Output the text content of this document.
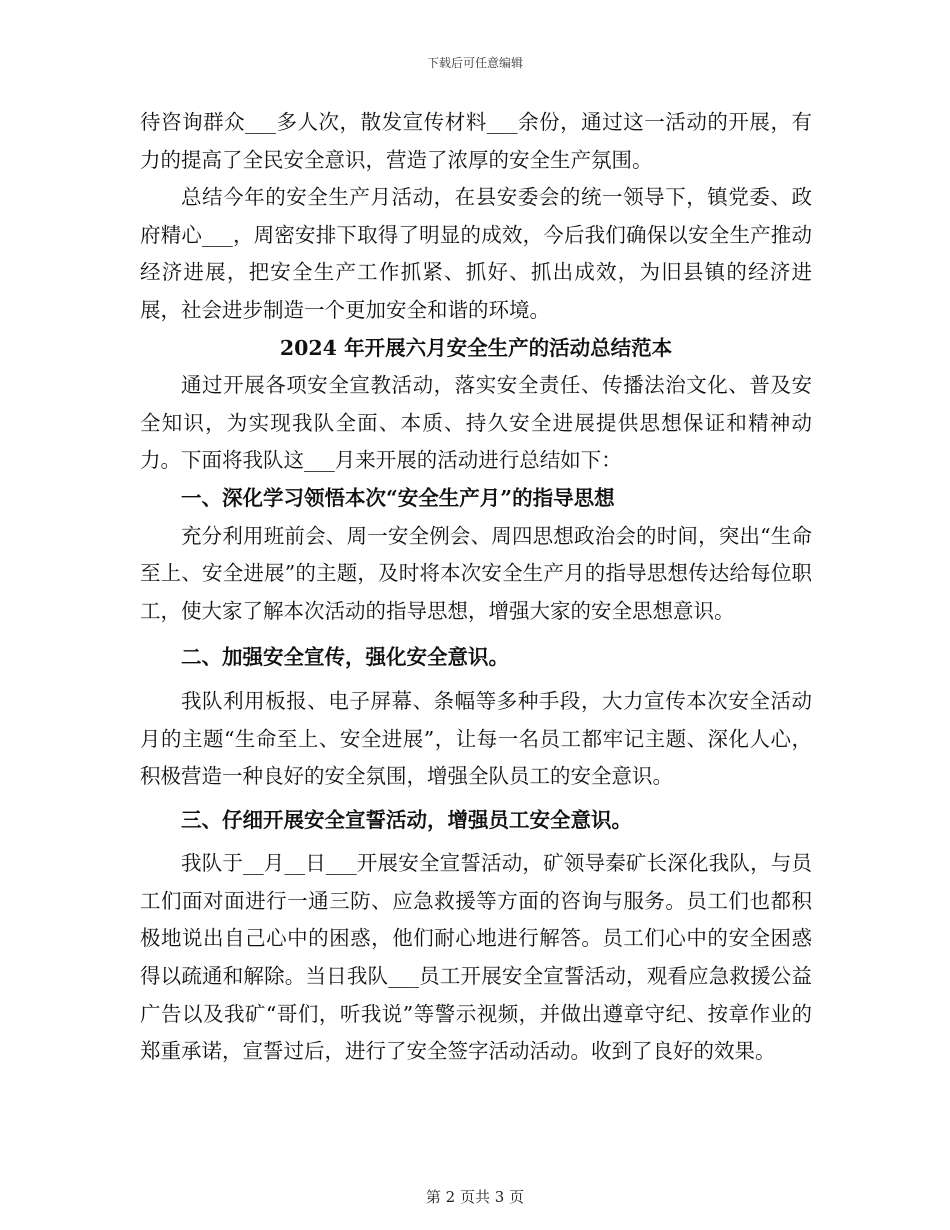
下载后可任意编辑

待咨询群众___多人次，散发宣传材料___余份，通过这一活动的开展，有力的提高了全民安全意识，营造了浓厚的安全生产氛围。

总结今年的安全生产月活动，在县安委会的统一领导下，镇党委、政府精心___，周密安排下取得了明显的成效，今后我们确保以安全生产推动经济进展，把安全生产工作抓紧、抓好、抓出成效，为旧县镇的经济进展，社会进步制造一个更加安全和谐的环境。

2024 年开展六月安全生产的活动总结范本

通过开展各项安全宣教活动，落实安全责任、传播法治文化、普及安全知识，为实现我队全面、本质、持久安全进展提供思想保证和精神动力。下面将我队这___月来开展的活动进行总结如下：

一、深化学习领悟本次“安全生产月”的指导思想

充分利用班前会、周一安全例会、周四思想政治会的时间，突出“生命至上、安全进展”的主题，及时将本次安全生产月的指导思想传达给每位职工，使大家了解本次活动的指导思想，增强大家的安全思想意识。

二、加强安全宣传，强化安全意识。

我队利用板报、电子屏幕、条幅等多种手段，大力宣传本次安全活动月的主题“生命至上、安全进展”，让每一名员工都牢记主题、深化人心，积极营造一种良好的安全氛围，增强全队员工的安全意识。

三、仔细开展安全宣誓活动，增强员工安全意识。

我队于__月__日___开展安全宣誓活动，矿领导秦矿长深化我队，与员工们面对面进行一通三防、应急救援等方面的咨询与服务。员工们也都积极地说出自己心中的困惑，他们耐心地进行解答。员工们心中的安全困惑得以疏通和解除。当日我队___员工开展安全宣誓活动，观看应急救援公益广告以及我矿“哥们，听我说”等警示视频，并做出遵章守纪、按章作业的郑重承诺，宣誓过后，进行了安全签字活动活动。收到了良好的效果。

第 2 页共 3 页
